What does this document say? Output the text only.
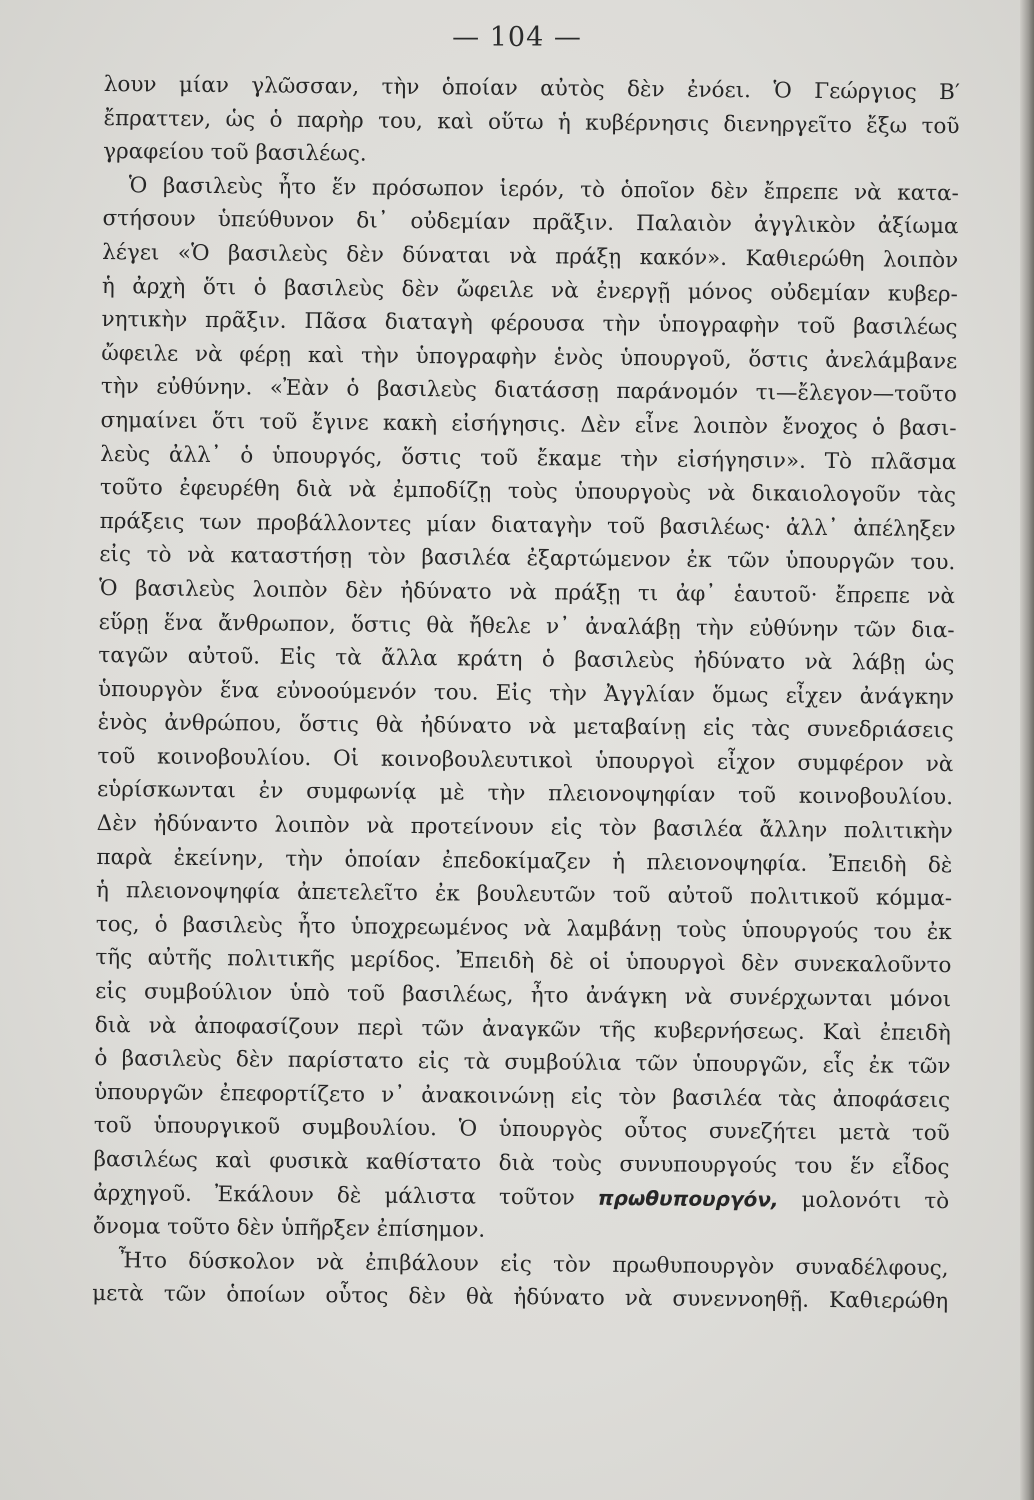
— 104 —
λουν μίαν γλῶσσαν, τὴν ὁποίαν αὐτὸς δὲν ἐνόει. Ὁ Γεώργιος Β′
ἔπραττεν, ὡς ὁ παρὴρ του, καὶ οὕτω ἡ κυβέρνησις διενηργεῖτο ἔξω τοῦ
γραφείου τοῦ βασιλέως.
Ὁ βασιλεὺς ἦτο ἕν πρόσωπον ἱερόν, τὸ ὁποῖον δὲν ἔπρεπε νὰ κατα-
στήσουν ὑπεύθυνον δι᾽ οὐδεμίαν πρᾶξιν. Παλαιὸν ἀγγλικὸν ἀξίωμα
λέγει «Ὁ βασιλεὺς δὲν δύναται νὰ πράξῃ κακόν». Καθιερώθη λοιπὸν
ἡ ἀρχὴ ὅτι ὁ βασιλεὺς δὲν ὤφειλε νὰ ἐνεργῇ μόνος οὐδεμίαν κυβερ-
νητικὴν πρᾶξιν. Πᾶσα διαταγὴ φέρουσα τὴν ὑπογραφὴν τοῦ βασιλέως
ὤφειλε νὰ φέρῃ καὶ τὴν ὑπογραφὴν ἑνὸς ὑπουργοῦ, ὅστις ἀνελάμβανε
τὴν εὐθύνην. «Ἐὰν ὁ βασιλεὺς διατάσσῃ παράνομόν τι—ἔλεγον—τοῦτο
σημαίνει ὅτι τοῦ ἔγινε κακὴ εἰσήγησις. Δὲν εἶνε λοιπὸν ἔνοχος ὁ βασι-
λεὺς ἀλλ᾽ ὁ ὑπουργός, ὅστις τοῦ ἔκαμε τὴν εἰσήγησιν». Τὸ πλᾶσμα
τοῦτο ἐφευρέθη διὰ νὰ ἐμποδίζῃ τοὺς ὑπουργοὺς νὰ δικαιολογοῦν τὰς
πράξεις των προβάλλοντες μίαν διαταγὴν τοῦ βασιλέως· ἀλλ᾽ ἀπέληξεν
εἰς τὸ νὰ καταστήσῃ τὸν βασιλέα ἐξαρτώμενον ἐκ τῶν ὑπουργῶν του.
Ὁ βασιλεὺς λοιπὸν δὲν ἠδύνατο νὰ πράξῃ τι ἀφ᾽ ἑαυτοῦ· ἔπρεπε νὰ
εὕρῃ ἕνα ἄνθρωπον, ὅστις θὰ ἤθελε ν᾽ ἀναλάβῃ τὴν εὐθύνην τῶν δια-
ταγῶν αὐτοῦ. Εἰς τὰ ἄλλα κράτη ὁ βασιλεὺς ἠδύνατο νὰ λάβῃ ὡς
ὑπουργὸν ἕνα εὐνοούμενόν του. Εἰς τὴν Ἀγγλίαν ὅμως εἶχεν ἀνάγκην
ἑνὸς ἀνθρώπου, ὅστις θὰ ἠδύνατο νὰ μεταβαίνῃ εἰς τὰς συνεδριάσεις
τοῦ κοινοβουλίου. Οἱ κοινοβουλευτικοὶ ὑπουργοὶ εἶχον συμφέρον νὰ
εὑρίσκωνται ἐν συμφωνίᾳ μὲ τὴν πλειονοψηφίαν τοῦ κοινοβουλίου.
Δὲν ἠδύναντο λοιπὸν νὰ προτείνουν εἰς τὸν βασιλέα ἄλλην πολιτικὴν
παρὰ ἐκείνην, τὴν ὁποίαν ἐπεδοκίμαζεν ἡ πλειονοψηφία. Ἐπειδὴ δὲ
ἡ πλειονοψηφία ἀπετελεῖτο ἐκ βουλευτῶν τοῦ αὐτοῦ πολιτικοῦ κόμμα-
τος, ὁ βασιλεὺς ἦτο ὑποχρεωμένος νὰ λαμβάνῃ τοὺς ὑπουργούς του ἐκ
τῆς αὐτῆς πολιτικῆς μερίδος. Ἐπειδὴ δὲ οἱ ὑπουργοὶ δὲν συνεκαλοῦντο
εἰς συμβούλιον ὑπὸ τοῦ βασιλέως, ἦτο ἀνάγκη νὰ συνέρχωνται μόνοι
διὰ νὰ ἀποφασίζουν περὶ τῶν ἀναγκῶν τῆς κυβερνήσεως. Καὶ ἐπειδὴ
ὁ βασιλεὺς δὲν παρίστατο εἰς τὰ συμβούλια τῶν ὑπουργῶν, εἷς ἐκ τῶν
ὑπουργῶν ἐπεφορτίζετο ν᾽ ἀνακοινώνῃ εἰς τὸν βασιλέα τὰς ἀποφάσεις
τοῦ ὑπουργικοῦ συμβουλίου. Ὁ ὑπουργὸς οὗτος συνεζήτει μετὰ τοῦ
βασιλέως καὶ φυσικὰ καθίστατο διὰ τοὺς συνυπουργούς του ἕν εἶδος
ἀρχηγοῦ. Ἐκάλουν δὲ μάλιστα τοῦτον πρωθυπουργόν, μολονότι τὸ
ὄνομα τοῦτο δὲν ὑπῆρξεν ἐπίσημον.
Ἦτο δύσκολον νὰ ἐπιβάλουν εἰς τὸν πρωθυπουργὸν συναδέλφους,
μετὰ τῶν ὁποίων οὗτος δὲν θὰ ἠδύνατο νὰ συνεννοηθῇ. Καθιερώθη
